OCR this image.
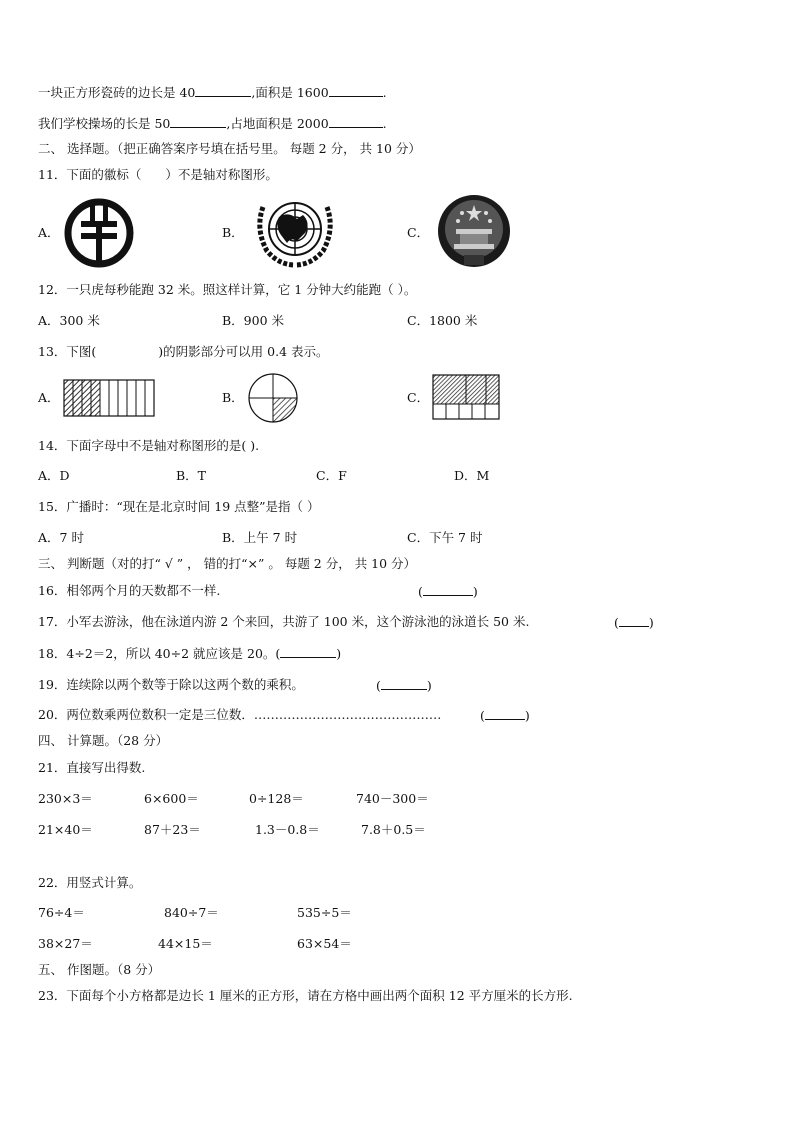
一块正方形瓷砖的边长是 40	,面积是 1600	.
我们学校操场的长是 50	,占地面积是 2000	.
二、 选择题。（把正确答案序号填在括号里。 每题 2 分， 共 10 分）
11．下面的徽标（ ）不是轴对称图形。
A．	B．	C．
12．一只虎每秒能跑 32 米。照这样计算，它 1 分钟大约能跑（ ）。
A．300 米	B．900 米	C．1800 米
13．下图(	)的阴影部分可以用 0.4 表示。
A．	B．	C．
14．下面字母中不是轴对称图形的是( ).
A．D	B．T	C．F	D．M
15．广播时：“现在是北京时间 19 点整”是指（ ）
A．7 时	B．上午 7 时	C．下午 7 时
三、 判断题（对的打“ √ ” ， 错的打“×” 。 每题 2 分， 共 10 分）
16．相邻两个月的天数都不一样.	(	)
17．小军去游泳，他在泳道内游 2 个来回，共游了 100 米，这个游泳池的泳道长 50 米.	( )
18．4÷2＝2，所以 40÷2 就应该是 20。(	)
19．连续除以两个数等于除以这两个数的乘积。	(	)
20．两位数乘两位数积一定是三位数．………………………………………	(	)
四、 计算题。（28 分）
21．直接写出得数.
230×3＝	6×600＝	0÷128＝	740－300＝
21×40＝	87＋23＝	1.3－0.8＝	7.8＋0.5＝
22．用竖式计算。
76÷4＝	840÷7＝	535÷5＝
38×27＝	44×15＝	63×54＝
五、 作图题。（8 分）
23．下面每个小方格都是边长 1 厘米的正方形，请在方格中画出两个面积 12 平方厘米的长方形.
